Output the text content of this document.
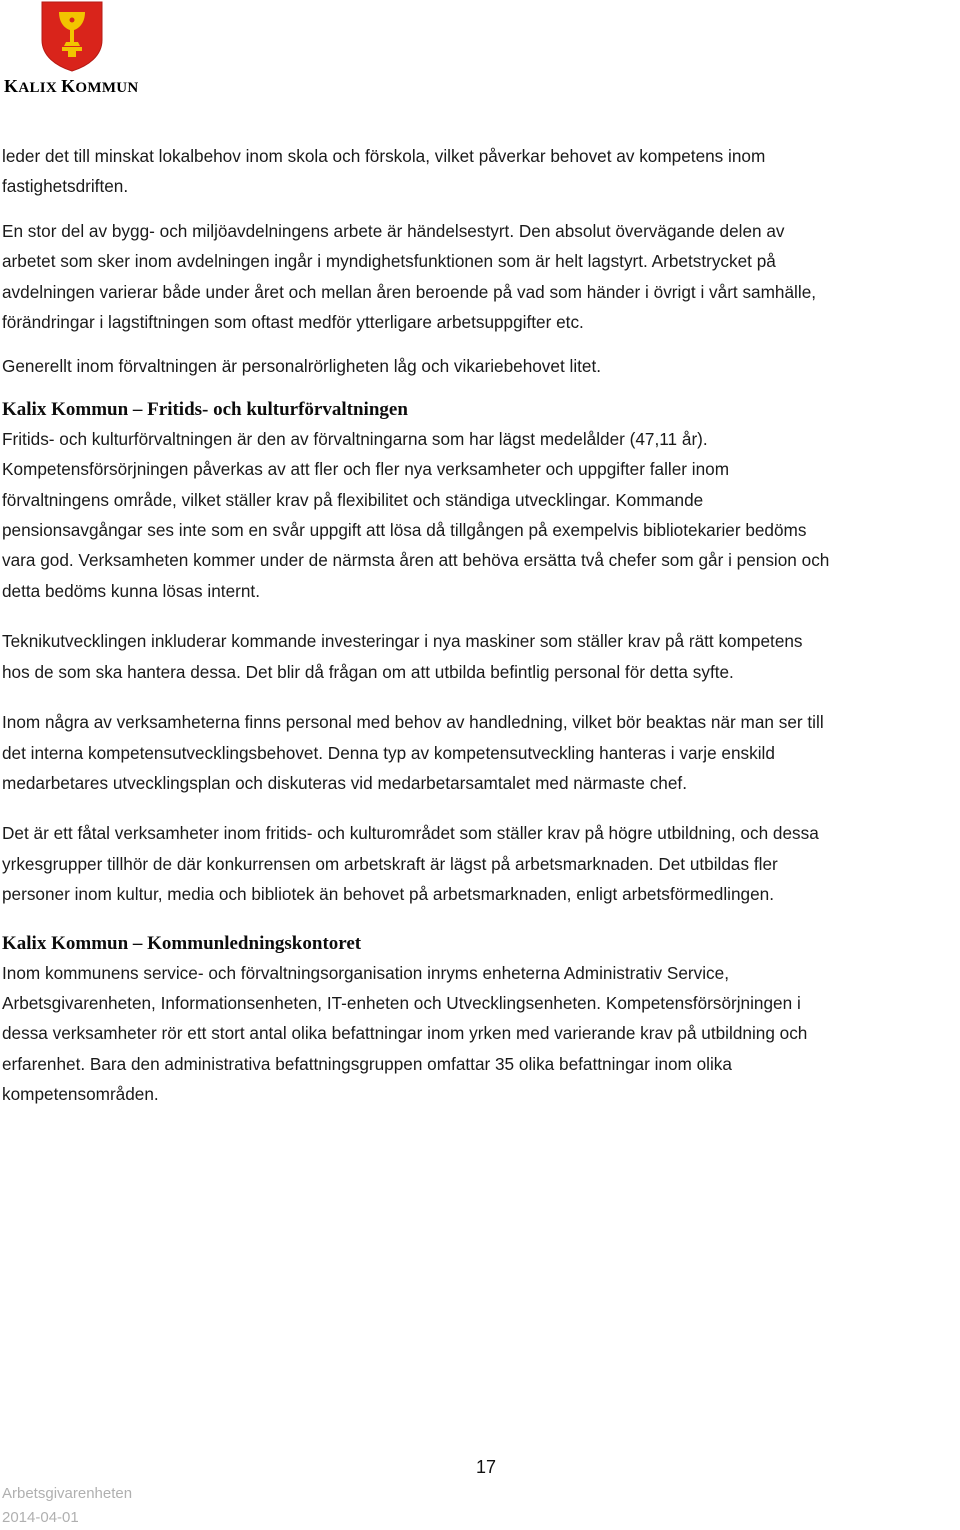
KALIX KOMMUN

leder det till minskat lokalbehov inom skola och förskola, vilket påverkar behovet av kompetens inom
fastighetsdriften.

En stor del av bygg- och miljöavdelningens arbete är händelsestyrt. Den absolut övervägande delen av
arbetet som sker inom avdelningen ingår i myndighetsfunktionen som är helt lagstyrt. Arbetstrycket på
avdelningen varierar både under året och mellan åren beroende på vad som händer i övrigt i vårt samhälle,
förändringar i lagstiftningen som oftast medför ytterligare arbetsuppgifter etc.

Generellt inom förvaltningen är personalrörligheten låg och vikariebehovet litet.

Kalix Kommun – Fritids- och kulturförvaltningen

Fritids- och kulturförvaltningen är den av förvaltningarna som har lägst medelålder (47,11 år).
Kompetensförsörjningen påverkas av att fler och fler nya verksamheter och uppgifter faller inom
förvaltningens område, vilket ställer krav på flexibilitet och ständiga utvecklingar. Kommande
pensionsavgångar ses inte som en svår uppgift att lösa då tillgången på exempelvis bibliotekarier bedöms
vara god. Verksamheten kommer under de närmsta åren att behöva ersätta två chefer som går i pension och
detta bedöms kunna lösas internt.

Teknikutvecklingen inkluderar kommande investeringar i nya maskiner som ställer krav på rätt kompetens
hos de som ska hantera dessa. Det blir då frågan om att utbilda befintlig personal för detta syfte.

Inom några av verksamheterna finns personal med behov av handledning, vilket bör beaktas när man ser till
det interna kompetensutvecklingsbehovet. Denna typ av kompetensutveckling hanteras i varje enskild
medarbetares utvecklingsplan och diskuteras vid medarbetarsamtalet med närmaste chef.

Det är ett fåtal verksamheter inom fritids- och kulturområdet som ställer krav på högre utbildning, och dessa
yrkesgrupper tillhör de där konkurrensen om arbetskraft är lägst på arbetsmarknaden. Det utbildas fler
personer inom kultur, media och bibliotek än behovet på arbetsmarknaden, enligt arbetsförmedlingen.

Kalix Kommun – Kommunledningskontoret

Inom kommunens service- och förvaltningsorganisation inryms enheterna Administrativ Service,
Arbetsgivarenheten, Informationsenheten, IT-enheten och Utvecklingsenheten. Kompetensförsörjningen i
dessa verksamheter rör ett stort antal olika befattningar inom yrken med varierande krav på utbildning och
erfarenhet. Bara den administrativa befattningsgruppen omfattar 35 olika befattningar inom olika
kompetensområden.

17
Arbetsgivarenheten
2014-04-01
